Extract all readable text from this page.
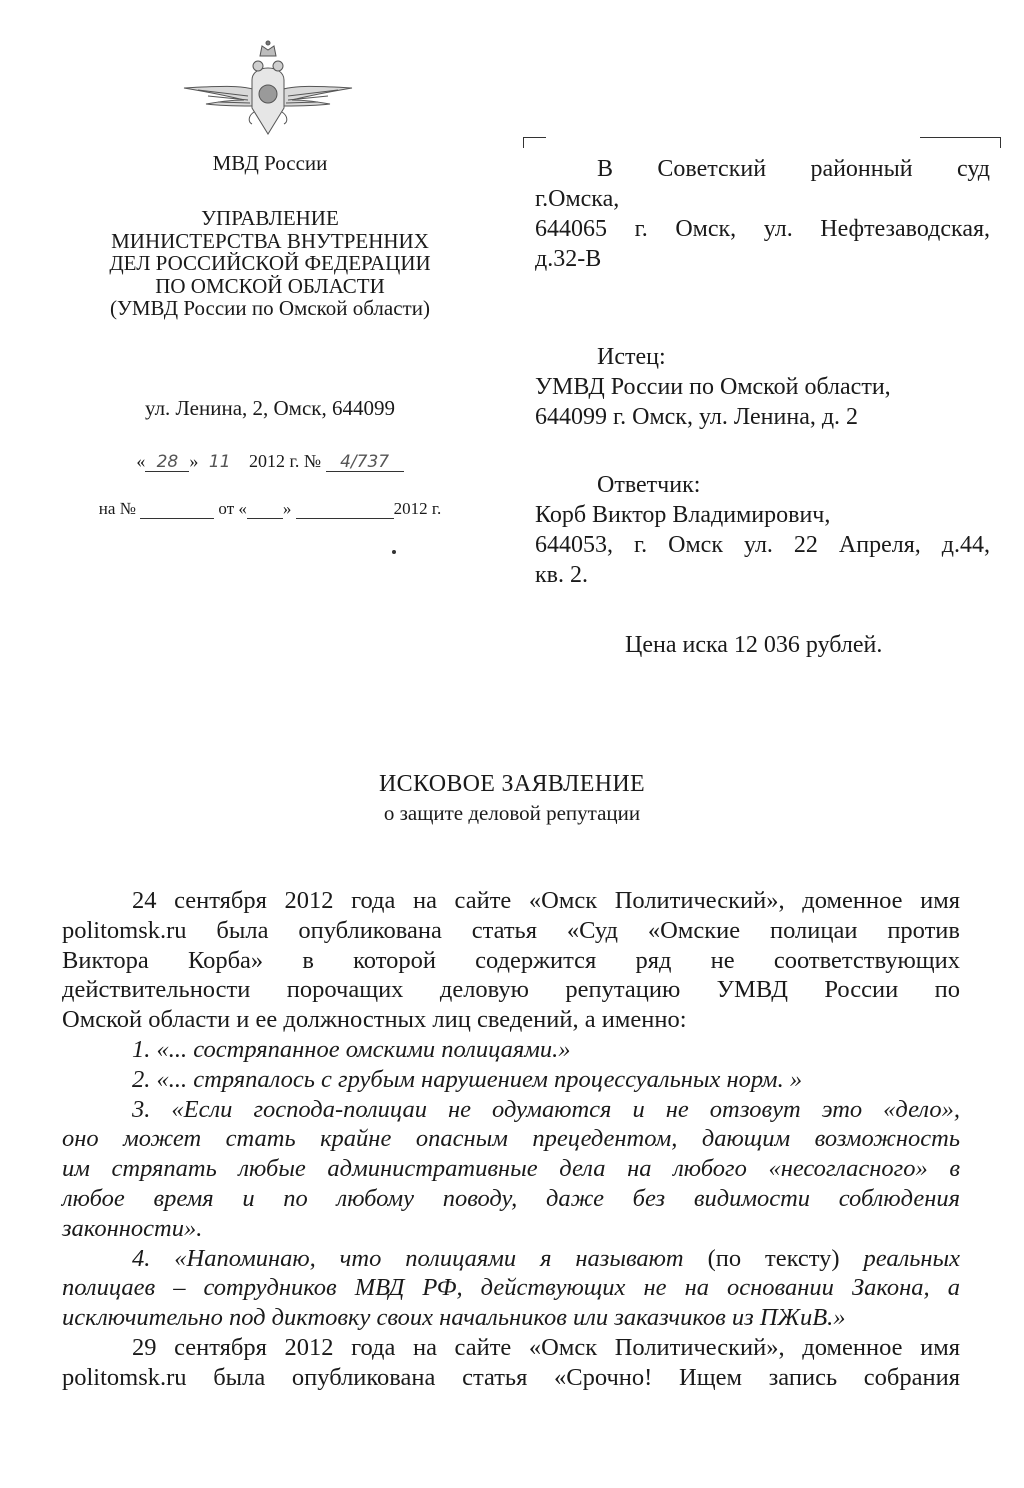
МВД России
УПРАВЛЕНИЕ
МИНИСТЕРСТВА ВНУТРЕННИХ
ДЕЛ РОССИЙСКОЙ ФЕДЕРАЦИИ
ПО ОМСКОЙ ОБЛАСТИ
(УМВД России по Омской области)
ул. Ленина, 2, Омск, 644099
« 28 » 11 2012 г. № 4/737
на №	от « »	2012 г.
В Советский районный суд
г.Омска,
644065 г. Омск, ул. Нефтезаводская,
д.32-В
Истец:
УМВД России по Омской области,
644099 г. Омск, ул. Ленина, д. 2
Ответчик:
Корб Виктор Владимирович,
644053, г. Омск ул. 22 Апреля, д.44,
кв. 2.
Цена иска 12 036 рублей.
ИСКОВОЕ ЗАЯВЛЕНИЕ
о защите деловой репутации
24 сентября 2012 года на сайте «Омск Политический», доменное имя
politomsk.ru была опубликована статья «Суд «Омские полицаи против
Виктора Корба» в которой содержится ряд не соответствующих
действительности порочащих деловую репутацию УМВД России по
Омской области и ее должностных лиц сведений, а именно:
1. «... состряпанное омскими полицаями.»
2. «... стряпалось с грубым нарушением процессуальных норм. »
3. «Если господа-полицаи не одумаются и не отзовут это «дело»,
оно может стать крайне опасным прецедентом, дающим возможность
им стряпать любые административные дела на любого «несогласного» в
любое время и по любому поводу, даже без видимости соблюдения
законности».
4. «Напоминаю, что полицаями я называют (по тексту) реальных
полицаев – сотрудников МВД РФ, действующих не на основании Закона, а
исключительно под диктовку своих начальников или заказчиков из ПЖиВ.»
29 сентября 2012 года на сайте «Омск Политический», доменное имя
politomsk.ru была опубликована статья «Срочно! Ищем запись собрания
